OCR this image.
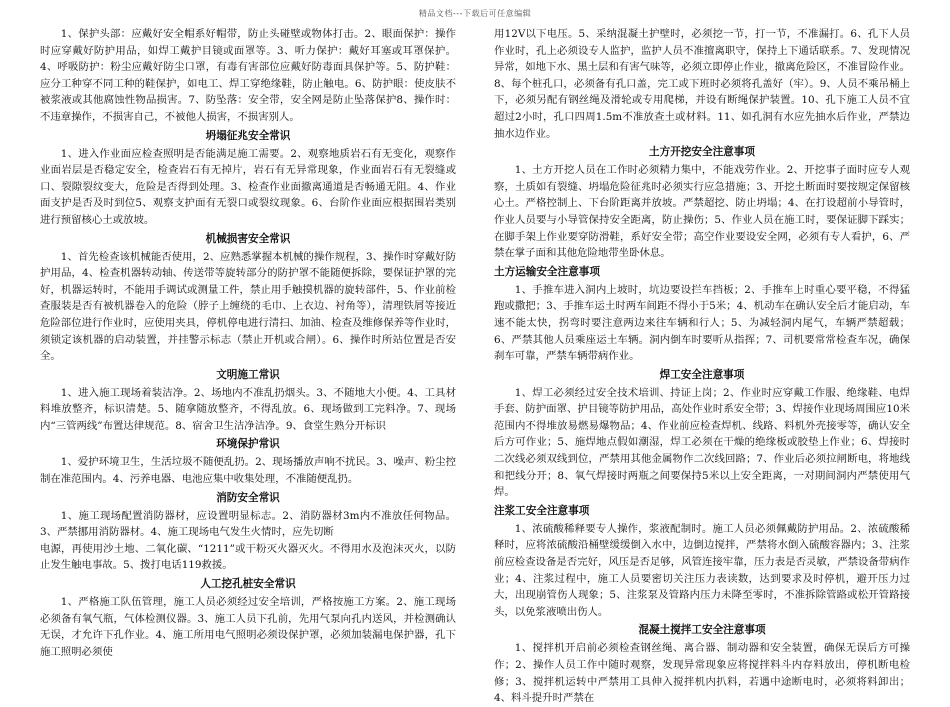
精品文档---下载后可任意编辑

1、保护头部：应戴好安全帽系好帽带，防止头碰壁或物体打击。2、眼面保护：操作时应穿戴好防护用品，如焊工戴护目镜或面罩等。3、听力保护：戴好耳塞或耳罩保护。4、呼吸防护：粉尘应戴好防尘口罩，有毒有害部位应戴好防毒面具保护等。5、防护鞋：应分工种穿不同工种的鞋保护，如电工、焊工穿绝缘鞋，防止触电。6、防护眼：使皮肤不被浆液或其他腐蚀性物品损害。7、防坠落：安全带，安全网是防止坠落保护8、操作时：不违章操作，不损害自己，不被他人损害，不损害别人。

坍塌征兆安全常识

1、进入作业面应检查照明是否能满足施工需要。2、观察地质岩石有无变化，观察作业面岩层是否稳定安全，检查岩石有无掉片，岩石有无异常现象，作业面岩石有无裂缝或口、裂隙裂纹变大，危险是否得到处理。3、检查作业面撤离通道是否畅通无阻。4、作业面支护是否及时到位5、观察支护面有无裂口或裂纹现象。6、台阶作业面应根据围岩类别进行预留核心土或放坡。

机械损害安全常识

1、首先检查该机械能否使用，2、应熟悉掌握本机械的操作规程，3、操作时穿戴好防护用品，4、检查机器转动轴、传送带等旋转部分的防护罩不能随便拆除，要保证护罩的完好，机器运转时，不能用手调试或测量工件，禁止用手触摸机器的旋转部件，5、作业前检查服装是否有被机器卷入的危险（脖子上缠绕的毛巾、上衣边、衬角等），清理铁屑等接近危险部位进行作业时，应使用夹具，停机停电进行清扫、加油、检查及维修保养等作业时，须锁定该机器的启动装置，并挂警示标志（禁止开机或合闸）。6、操作时所站位置是否安全。

文明施工常识

1、进入施工现场着装洁净。2、场地内不准乱扔烟头。3、不随地大小便。4、工具材料堆放整齐，标识清楚。5、随拿随放整齐，不得乱放。6、现场做到工完料净。7、现场内“三管两线”布置达律规范。8、宿舍卫生洁净洁净。9、食堂生熟分开标识

环境保护常识

1、爱护环境卫生，生活垃圾不随便乱扔。2、现场播放声响不扰民。3、噪声、粉尘控制在准范围内。4、污养电器、电池应集中收集处理，不准随便乱扔。

消防安全常识

1、施工现场配置消防器材，应设置明显标志。2、消防器材3m内不准放任何物品。3、严禁挪用消防器材。4、施工现场电气发生火情时，应先切断

电源，再使用沙土地、二氧化碳、“1211”或干粉灭火器灭火。不得用水及泡沫灭火，以防止发生触电事故。5、拨打电话119救援。

人工挖孔桩安全常识

1、严格施工队伍管理，施工人员必须经过安全培训，严格按施工方案。2、施工现场必须备有氧气瓶，气体检测仪器。3、施工人员下孔前，先用气泵向孔内送风，并检测确认无误，才允许下孔作业。4、施工所用电气照明必须设保护罩，必须加装漏电保护器，孔下施工照明必须使

用12V以下电压。5、采纳混凝土护壁时，必须挖一节，打一节，不准漏打。6、孔下人员作业时，孔上必须设专人监护，监护人员不准擅离职守，保持上下通话联系。7、发现情况异常，如地下水、黑土层和有害气味等，必须立即停止作业，撤离危险区，不准冒险作业。8、每个桩孔口，必须备有孔口盖，完工或下班时必须将孔盖好（牢）。9、人员不乘吊桶上下，必须另配有钢丝绳及滑轮或专用爬梯，并设有断绳保护装置。10、孔下施工人员不宜超过2小时，孔口四周1.5m不准放查土或材料。11、如孔洞有水应先抽水后作业，严禁边抽水边作业。

土方开挖安全注意事项

1、土方开挖人员在工作时必须精力集中，不能戏劳作业。2、开挖事子面时应专人观察，土质如有裂缝、坍塌危险征兆时必须实行应急措施；3、开挖土断面时要按规定保留核心土。严格控制上、下台阶距离并放坡。严禁超挖、防止坍塌；4、在打设超前小导管时，作业人员要与小导管保持安全距离，防止操伤；5、作业人员在施工时，要保证脚下踩实；在脚手架上作业要穿防滑鞋，系好安全带；高空作业要设安全网，必须有专人看护，6、严禁在掌子面和其他危险地带坐卧休息。

土方运输安全注意事项

1、手推车进入洞内上坡时，坑边要设拦车挡板；2、手推车上时重心要平稳，不得猛跑或撒把；3、手推车运土时两车间距不得小于5米；4、机动车在确认安全后才能启动，车速不能太快，拐弯时要注意两边来往车辆和行人；5、为减轻洞内尾气，车辆严禁超载；6、严禁其他人员乘座运土车辆。洞内倒车时要听从指挥；7、司机要常常检查车况，确保刹车可靠，严禁车辆带病作业。

焊工安全注意事项

1、焊工必须经过安全技术培训、持证上岗；2、作业时应穿戴工作服、绝缘鞋、电焊手套、防护面罩、护目镜等防护用品，高处作业时系安全带；3、焊接作业现场周围应10米范围内不得堆放易燃易爆物品；4、作业前应检查焊机、线路、料机外壳接零等，确认安全后方可作业；5、施焊地点假如潮湿，焊工必须在干燥的绝缘板或胶垫上作业；6、焊接时二次线必须双线到位，严禁用其他金属物作二次线回路；7、作业后必须拉闸断电，将地线和把线分开；8、氧气焊接时两瓶之间要保持5米以上安全距离，一对期间洞内严禁使用气焊。

注浆工安全注意事项

1、浓硫酸稀释要专人操作，浆液配制时。施工人员必须佩戴防护用品。2、浓硫酸稀释时，应将浓硫酸沿桶壁缓缓倒入水中，边倒边搅拌，严禁将水倒入硫酸容器内；3、注浆前应检查设备是否完好，风压是否足够，风管连接牢靠，压力表是否灵敏，严禁设备带病作业；4、注浆过程中，施工人员要密切关注压力表读数，达到要求及时停机，避开压力过大，出现崩管伤人现象；5、注浆泵及管路内压力未降至零时，不准拆除管路或松开管路接头，以免浆液喷出伤人。

混凝土搅拌工安全注意事项

1、搅拌机开启前必须检查钢丝绳、离合器、制动器和安全装置，确保无误后方可操作；2、操作人员工作中随时观察，发现异常现象应将搅拌料斗内存料放出，停机断电检修；3、搅拌机运转中严禁用工具伸入搅拌机内扒料，若遇中途断电时，必须将料卸出；4、料斗提升时严禁在
